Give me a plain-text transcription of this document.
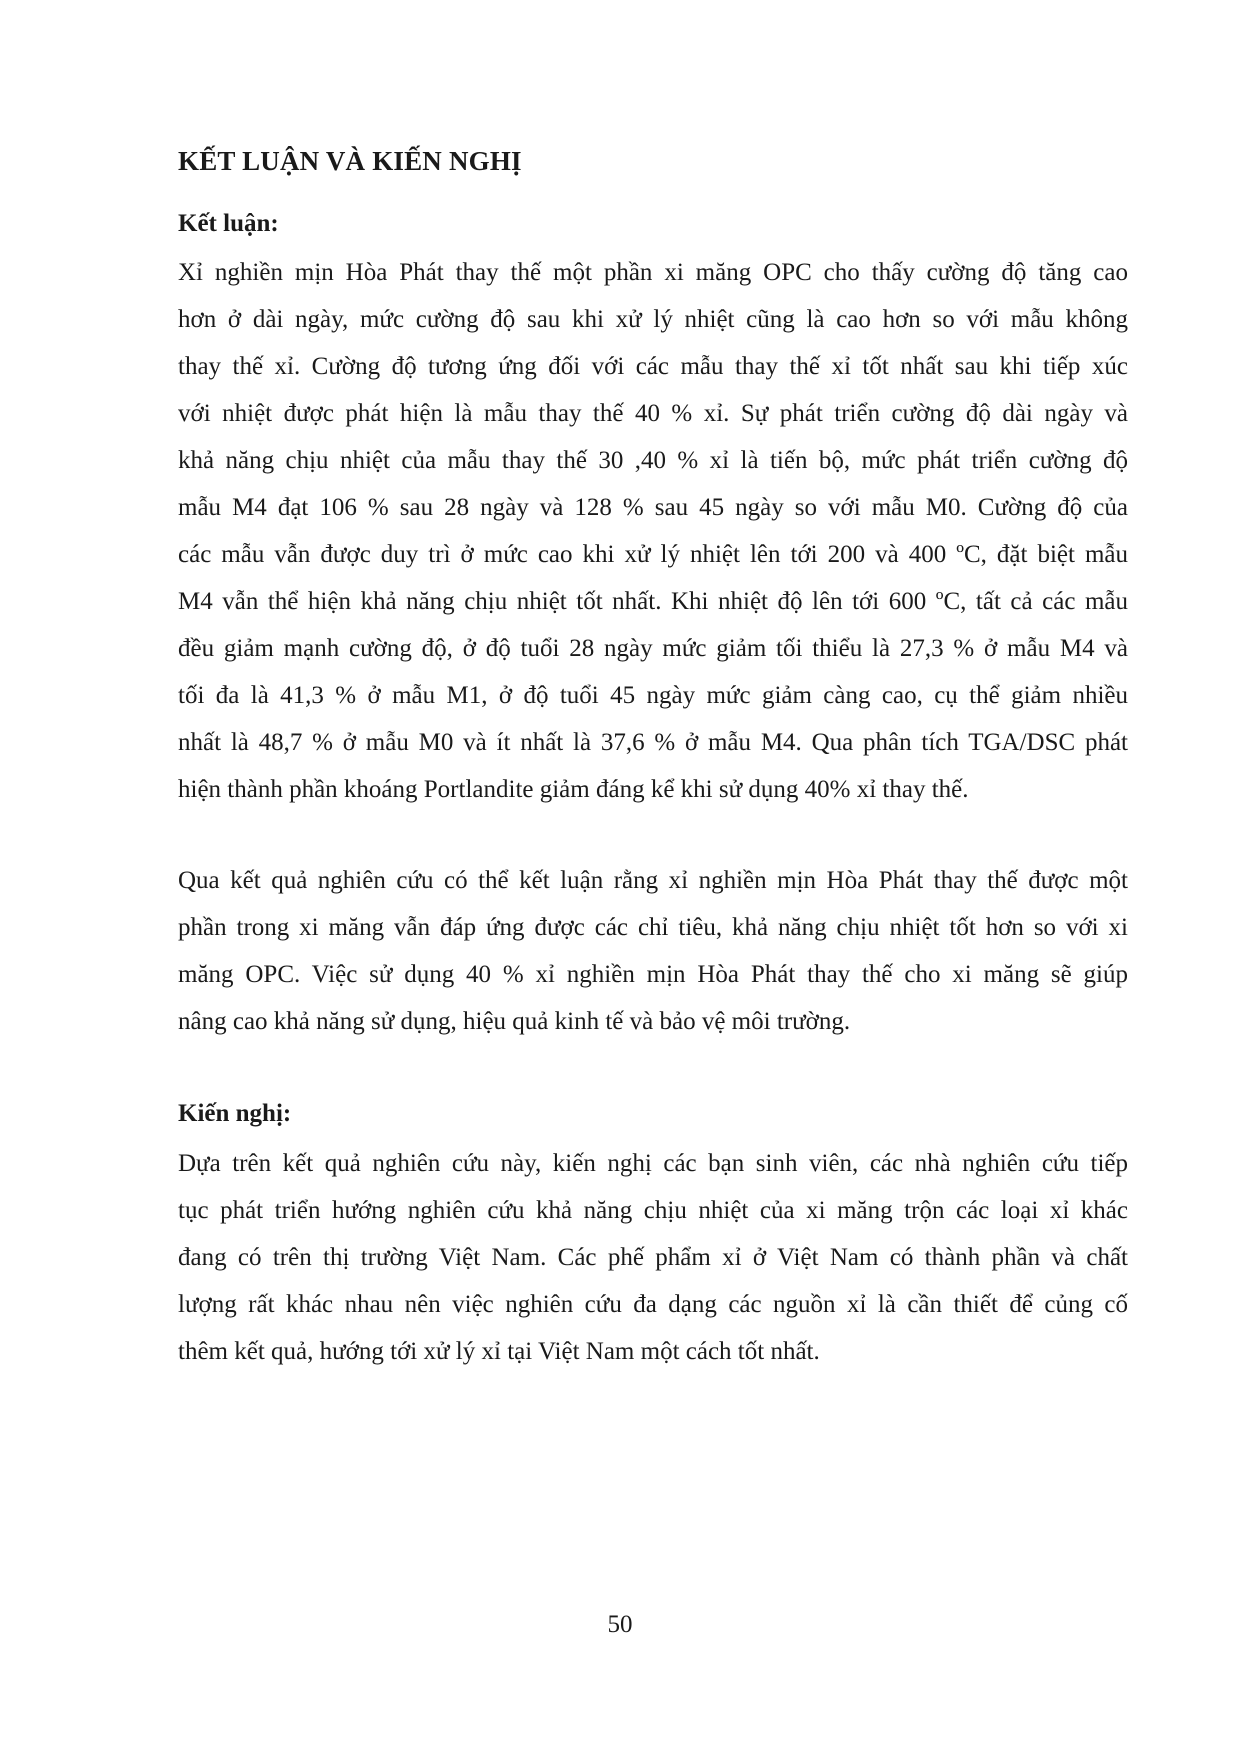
KẾT LUẬN VÀ KIẾN NGHỊ
Kết luận:

Xỉ nghiền mịn Hòa Phát thay thế một phần xi măng OPC cho thấy cường độ tăng cao
hơn ở dài ngày, mức cường độ sau khi xử lý nhiệt cũng là cao hơn so với mẫu không
thay thế xỉ. Cường độ tương ứng đối với các mẫu thay thế xỉ tốt nhất sau khi tiếp xúc
với nhiệt được phát hiện là mẫu thay thế 40 % xỉ. Sự phát triển cường độ dài ngày và
khả năng chịu nhiệt của mẫu thay thế 30 ,40 % xỉ là tiến bộ, mức phát triển cường độ
mẫu M4 đạt 106 % sau 28 ngày và 128 % sau 45 ngày so với mẫu M0. Cường độ của
các mẫu vẫn được duy trì ở mức cao khi xử lý nhiệt lên tới 200 và 400 ºC, đặt biệt mẫu
M4 vẫn thể hiện khả năng chịu nhiệt tốt nhất. Khi nhiệt độ lên tới 600 ºC, tất cả các mẫu
đều giảm mạnh cường độ, ở độ tuổi 28 ngày mức giảm tối thiểu là 27,3 % ở mẫu M4 và
tối đa là 41,3 % ở mẫu M1, ở độ tuổi 45 ngày mức giảm càng cao, cụ thể giảm nhiều
nhất là 48,7 % ở mẫu M0 và ít nhất là 37,6 % ở mẫu M4. Qua phân tích TGA/DSC phát
hiện thành phần khoáng Portlandite giảm đáng kể khi sử dụng 40% xỉ thay thế.

Qua kết quả nghiên cứu có thể kết luận rằng xỉ nghiền mịn Hòa Phát thay thế được một
phần trong xi măng vẫn đáp ứng được các chỉ tiêu, khả năng chịu nhiệt tốt hơn so với xi
măng OPC. Việc sử dụng 40 % xỉ nghiền mịn Hòa Phát thay thế cho xi măng sẽ giúp
nâng cao khả năng sử dụng, hiệu quả kinh tế và bảo vệ môi trường.

Kiến nghị:

Dựa trên kết quả nghiên cứu này, kiến nghị các bạn sinh viên, các nhà nghiên cứu tiếp
tục phát triển hướng nghiên cứu khả năng chịu nhiệt của xi măng trộn các loại xỉ khác
đang có trên thị trường Việt Nam. Các phế phẩm xỉ ở Việt Nam có thành phần và chất
lượng rất khác nhau nên việc nghiên cứu đa dạng các nguồn xỉ là cần thiết để củng cố
thêm kết quả, hướng tới xử lý xỉ tại Việt Nam một cách tốt nhất.

50
